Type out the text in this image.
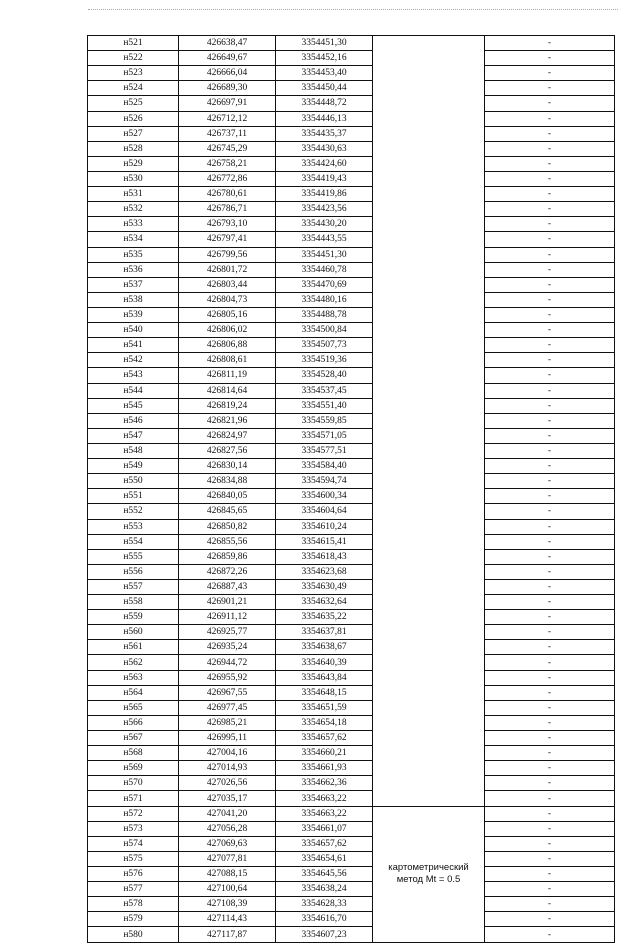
н521	426638,47	3354451,30		-
н522	426649,67	3354452,16		-
н523	426666,04	3354453,40		-
н524	426689,30	3354450,44		-
н525	426697,91	3354448,72		-
н526	426712,12	3354446,13		-
н527	426737,11	3354435,37		-
н528	426745,29	3354430,63		-
н529	426758,21	3354424,60		-
н530	426772,86	3354419,43		-
н531	426780,61	3354419,86		-
н532	426786,71	3354423,56		-
н533	426793,10	3354430,20		-
н534	426797,41	3354443,55		-
н535	426799,56	3354451,30		-
н536	426801,72	3354460,78		-
н537	426803,44	3354470,69		-
н538	426804,73	3354480,16		-
н539	426805,16	3354488,78		-
н540	426806,02	3354500,84		-
н541	426806,88	3354507,73		-
н542	426808,61	3354519,36		-
н543	426811,19	3354528,40		-
н544	426814,64	3354537,45		-
н545	426819,24	3354551,40		-
н546	426821,96	3354559,85		-
н547	426824,97	3354571,05		-
н548	426827,56	3354577,51		-
н549	426830,14	3354584,40		-
н550	426834,88	3354594,74		-
н551	426840,05	3354600,34		-
н552	426845,65	3354604,64		-
н553	426850,82	3354610,24		-
н554	426855,56	3354615,41		-
н555	426859,86	3354618,43		-
н556	426872,26	3354623,68		-
н557	426887,43	3354630,49		-
н558	426901,21	3354632,64		-
н559	426911,12	3354635,22		-
н560	426925,77	3354637,81		-
н561	426935,24	3354638,67		-
н562	426944,72	3354640,39		-
н563	426955,92	3354643,84		-
н564	426967,55	3354648,15		-
н565	426977,45	3354651,59		-
н566	426985,21	3354654,18		-
н567	426995,11	3354657,62		-
н568	427004,16	3354660,21		-
н569	427014,93	3354661,93		-
н570	427026,56	3354662,36		-
н571	427035,17	3354663,22		-
н572	427041,20	3354663,22	картометрический
метод Mt = 0.5	-
н573	427056,28	3354661,07		-
н574	427069,63	3354657,62		-
н575	427077,81	3354654,61		-
н576	427088,15	3354645,56		-
н577	427100,64	3354638,24		-
н578	427108,39	3354628,33		-
н579	427114,43	3354616,70		-
н580	427117,87	3354607,23		-
